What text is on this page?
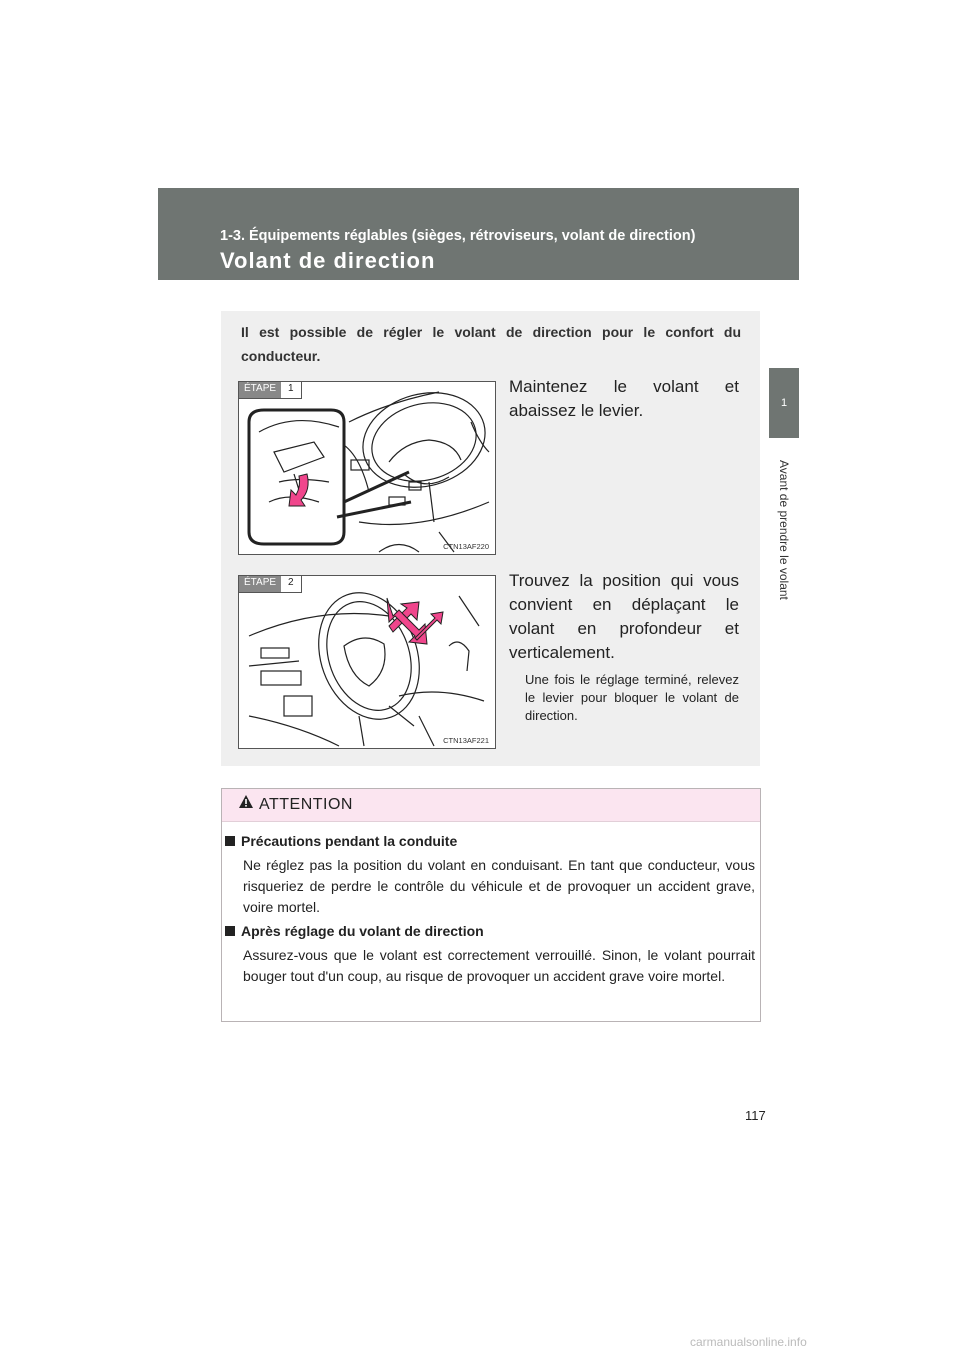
1-3. Équipements réglables (sièges, rétroviseurs, volant de direction)
Volant de direction
1
Avant de prendre le volant
Il est possible de régler le volant de direction pour le confort du conducteur.
ÉTAPE	1
CTN13AF220
Maintenez le volant et abaissez le levier.
ÉTAPE	2
CTN13AF221
Trouvez la position qui vous convient en déplaçant le volant en profondeur et verticalement.
Une fois le réglage terminé, relevez le levier pour bloquer le volant de direction.
ATTENTION
Précautions pendant la conduite
Ne réglez pas la position du volant en conduisant. En tant que conducteur, vous risqueriez de perdre le contrôle du véhicule et de provoquer un accident grave, voire mortel.
Après réglage du volant de direction
Assurez-vous que le volant est correctement verrouillé. Sinon, le volant pourrait bouger tout d'un coup, au risque de provoquer un accident grave voire mortel.
117
carmanualsonline.info
